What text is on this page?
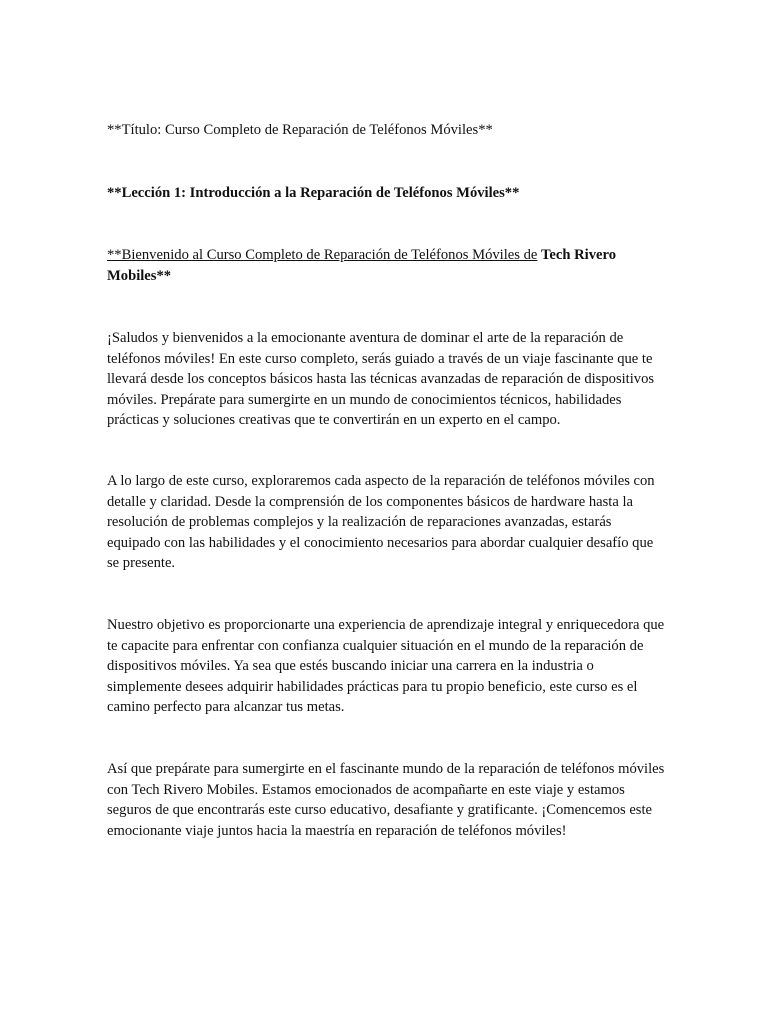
**Título: Curso Completo de Reparación de Teléfonos Móviles**

**Lección 1: Introducción a la Reparación de Teléfonos Móviles**

**Bienvenido al Curso Completo de Reparación de Teléfonos Móviles de Tech Rivero Mobiles**

¡Saludos y bienvenidos a la emocionante aventura de dominar el arte de la reparación de teléfonos móviles! En este curso completo, serás guiado a través de un viaje fascinante que te llevará desde los conceptos básicos hasta las técnicas avanzadas de reparación de dispositivos móviles. Prepárate para sumergirte en un mundo de conocimientos técnicos, habilidades prácticas y soluciones creativas que te convertirán en un experto en el campo.

A lo largo de este curso, exploraremos cada aspecto de la reparación de teléfonos móviles con detalle y claridad. Desde la comprensión de los componentes básicos de hardware hasta la resolución de problemas complejos y la realización de reparaciones avanzadas, estarás equipado con las habilidades y el conocimiento necesarios para abordar cualquier desafío que se presente.

Nuestro objetivo es proporcionarte una experiencia de aprendizaje integral y enriquecedora que te capacite para enfrentar con confianza cualquier situación en el mundo de la reparación de dispositivos móviles. Ya sea que estés buscando iniciar una carrera en la industria o simplemente desees adquirir habilidades prácticas para tu propio beneficio, este curso es el camino perfecto para alcanzar tus metas.

Así que prepárate para sumergirte en el fascinante mundo de la reparación de teléfonos móviles con Tech Rivero Mobiles. Estamos emocionados de acompañarte en este viaje y estamos seguros de que encontrarás este curso educativo, desafiante y gratificante. ¡Comencemos este emocionante viaje juntos hacia la maestría en reparación de teléfonos móviles!
